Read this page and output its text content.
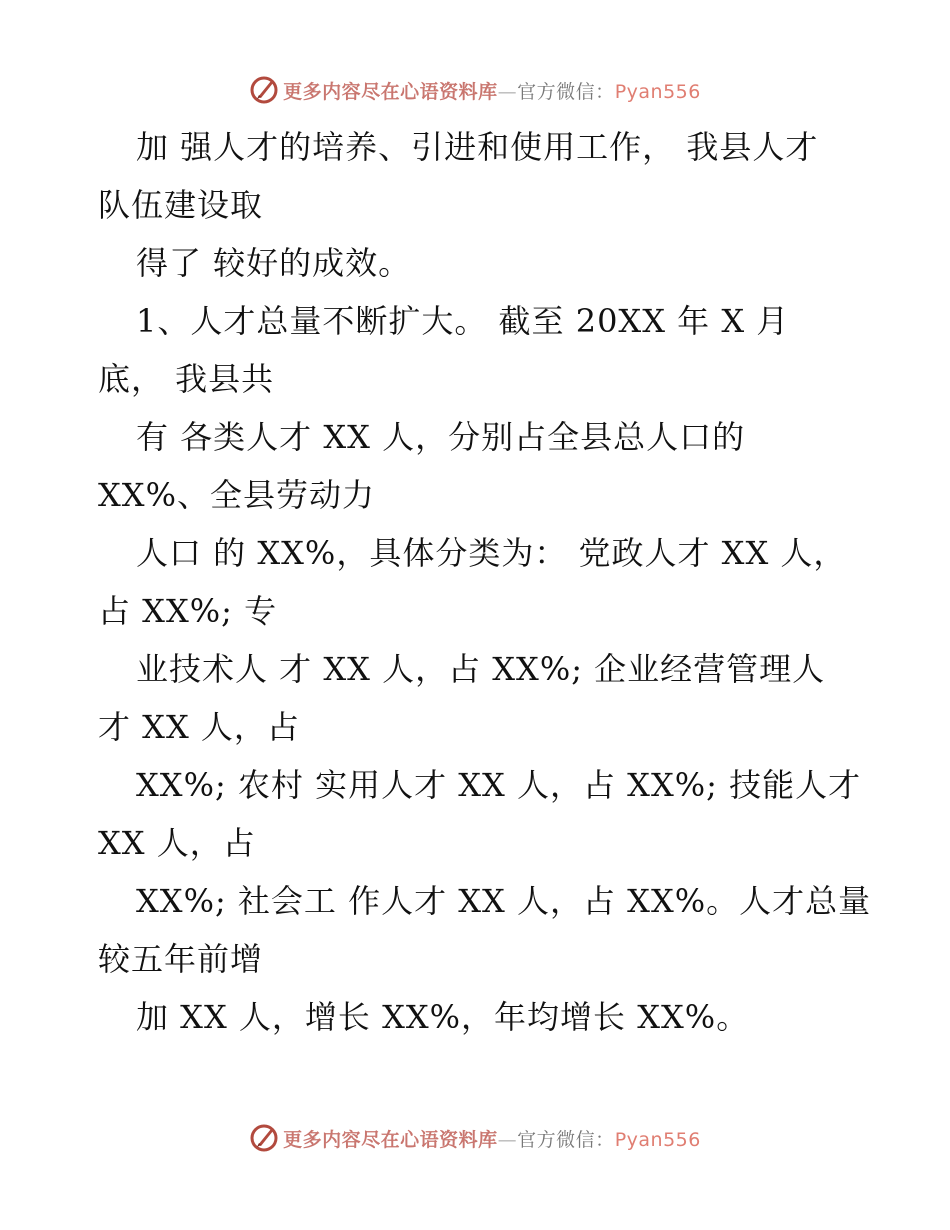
更多内容尽在心语资料库—官方微信：Pyan556
加 强人才的培养、引进和使用工作， 我县人才
队伍建设取
得了 较好的成效。
1、人才总量不断扩大。 截至 20XX 年 X 月
底， 我县共
有 各类人才 XX 人，分别占全县总人口的
XX%、全县劳动力
人口 的 XX%，具体分类为： 党政人才 XX 人，
占 XX%; 专
业技术人 才 XX 人，占 XX%; 企业经营管理人
才 XX 人，占
XX%; 农村 实用人才 XX 人，占 XX%; 技能人才
XX 人，占
XX%; 社会工 作人才 XX 人，占 XX%。人才总量
较五年前增
加 XX 人，增长 XX%，年均增长 XX%。
更多内容尽在心语资料库—官方微信：Pyan556
